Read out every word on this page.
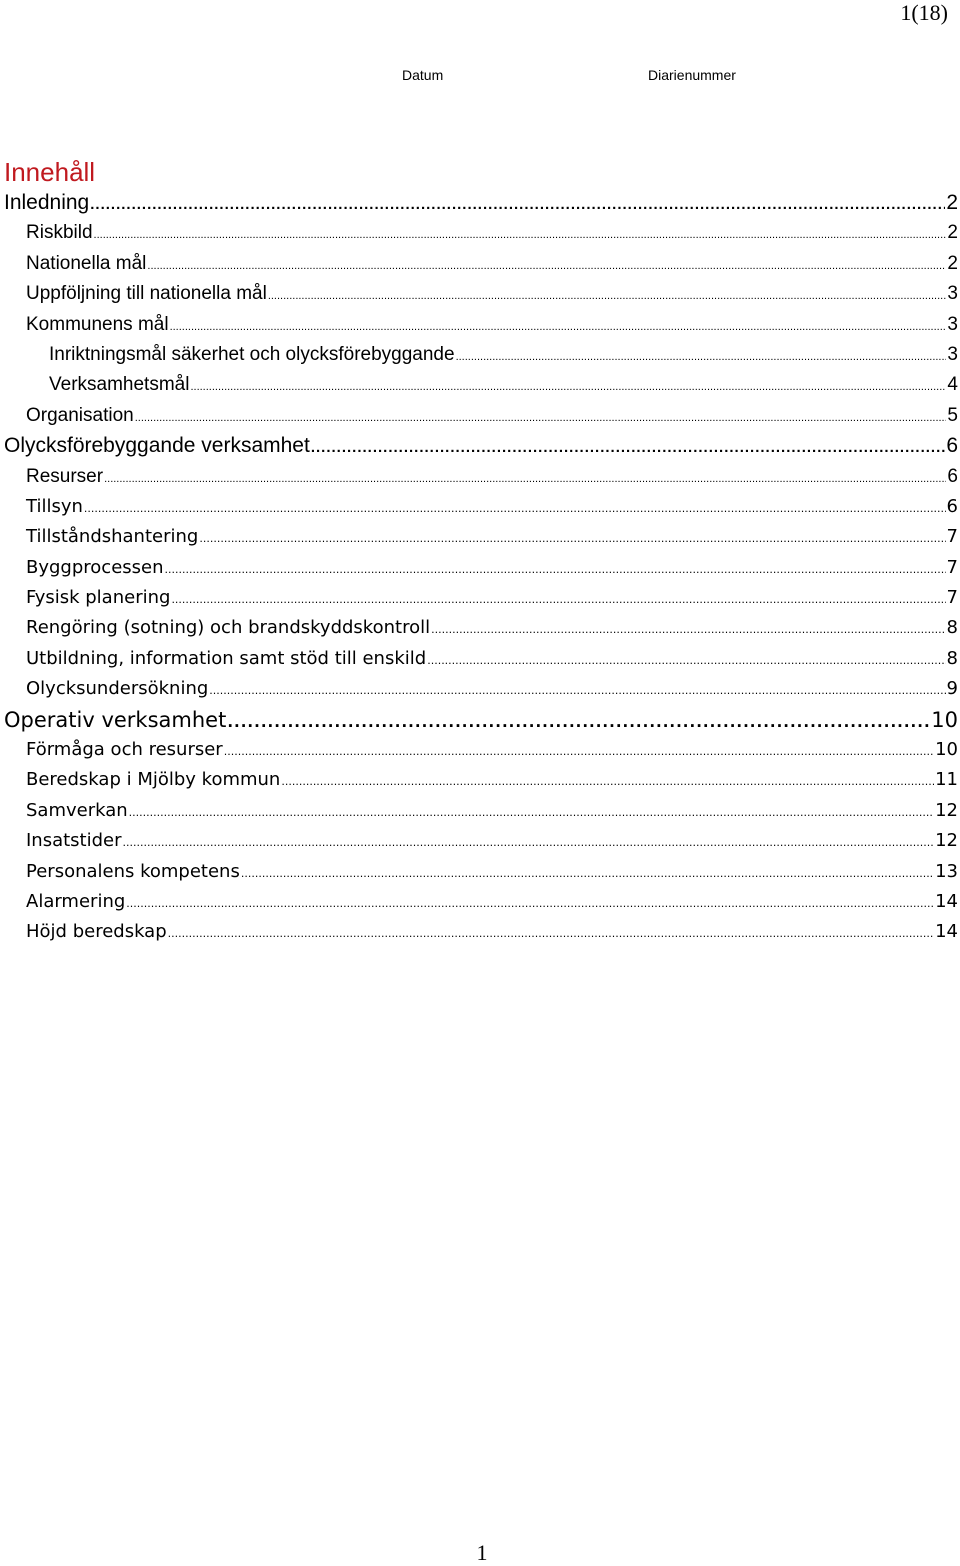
1(18)
Datum	Diarienummer
Innehåll
Inledning .....	2
Riskbild .....	2
Nationella mål .....	2
Uppföljning till nationella mål .....	3
Kommunens mål .....	3
Inriktningsmål säkerhet och olycksförebyggande .....	3
Verksamhetsmål .....	4
Organisation .....	5
Olycksförebyggande verksamhet .....	6
Resurser .....	6
Tillsyn .....	6
Tillståndshantering .....	7
Byggprocessen .....	7
Fysisk planering .....	7
Rengöring (sotning) och brandskyddskontroll .....	8
Utbildning, information samt stöd till enskild .....	8
Olycksundersökning .....	9
Operativ verksamhet .....	10
Förmåga och resurser .....	10
Beredskap i Mjölby kommun .....	11
Samverkan .....	12
Insatstider .....	12
Personalens kompetens .....	13
Alarmering .....	14
Höjd beredskap .....	14
1
